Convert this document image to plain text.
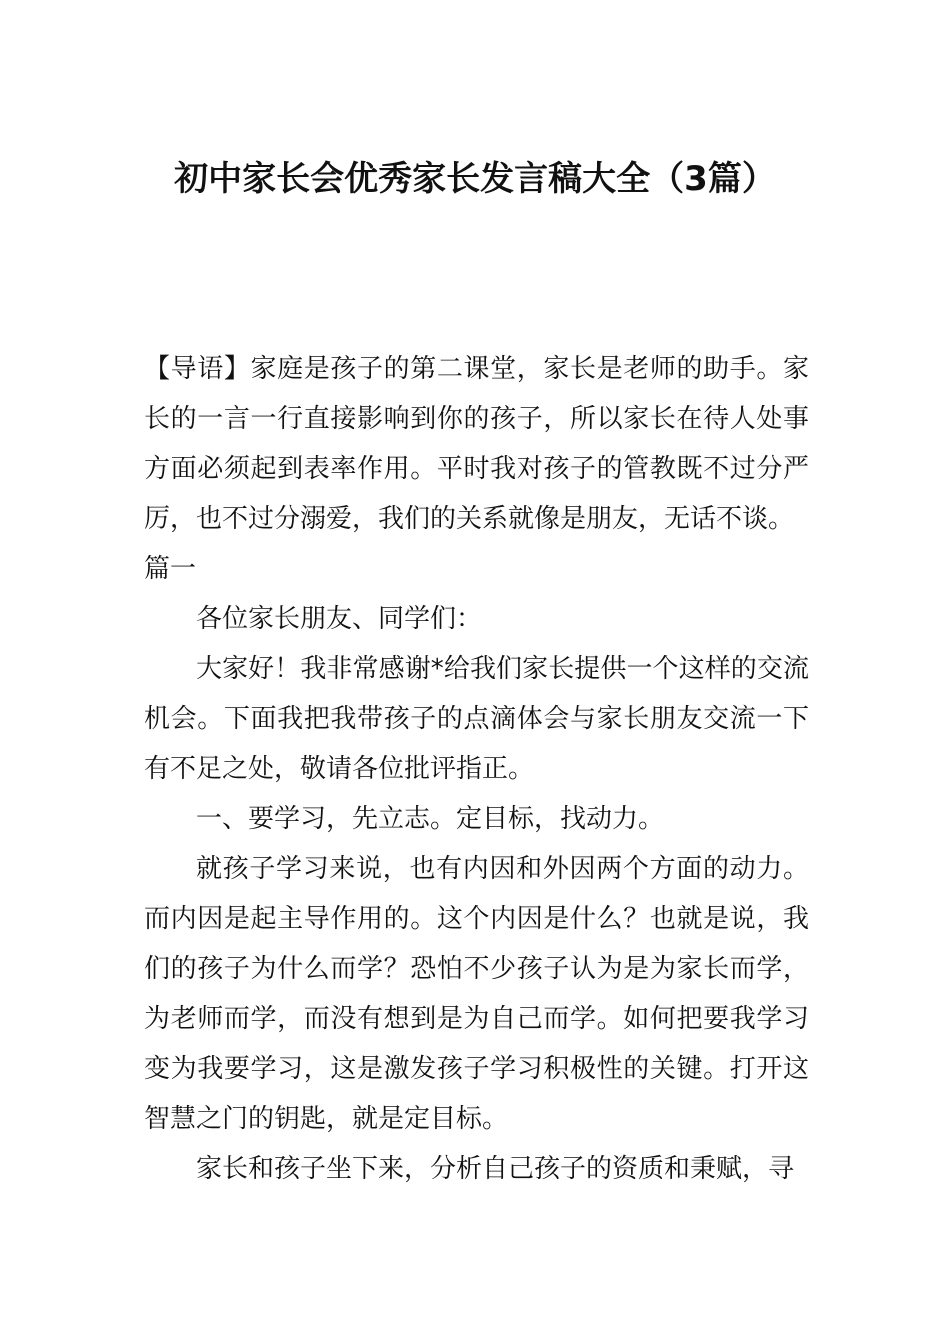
初中家长会优秀家长发言稿大全（3篇）

【导语】家庭是孩子的第二课堂，家长是老师的助手。家长的一言一行直接影响到你的孩子，所以家长在待人处事方面必须起到表率作用。平时我对孩子的管教既不过分严厉，也不过分溺爱，我们的关系就像是朋友，无话不谈。

篇一

各位家长朋友、同学们：

大家好！我非常感谢*给我们家长提供一个这样的交流机会。下面我把我带孩子的点滴体会与家长朋友交流一下有不足之处，敬请各位批评指正。

一、要学习，先立志。定目标，找动力。

就孩子学习来说，也有内因和外因两个方面的动力。而内因是起主导作用的。这个内因是什么？也就是说，我们的孩子为什么而学？恐怕不少孩子认为是为家长而学，为老师而学，而没有想到是为自己而学。如何把要我学习变为我要学习，这是激发孩子学习积极性的关键。打开这智慧之门的钥匙，就是定目标。

家长和孩子坐下来，分析自己孩子的资质和秉赋，寻
